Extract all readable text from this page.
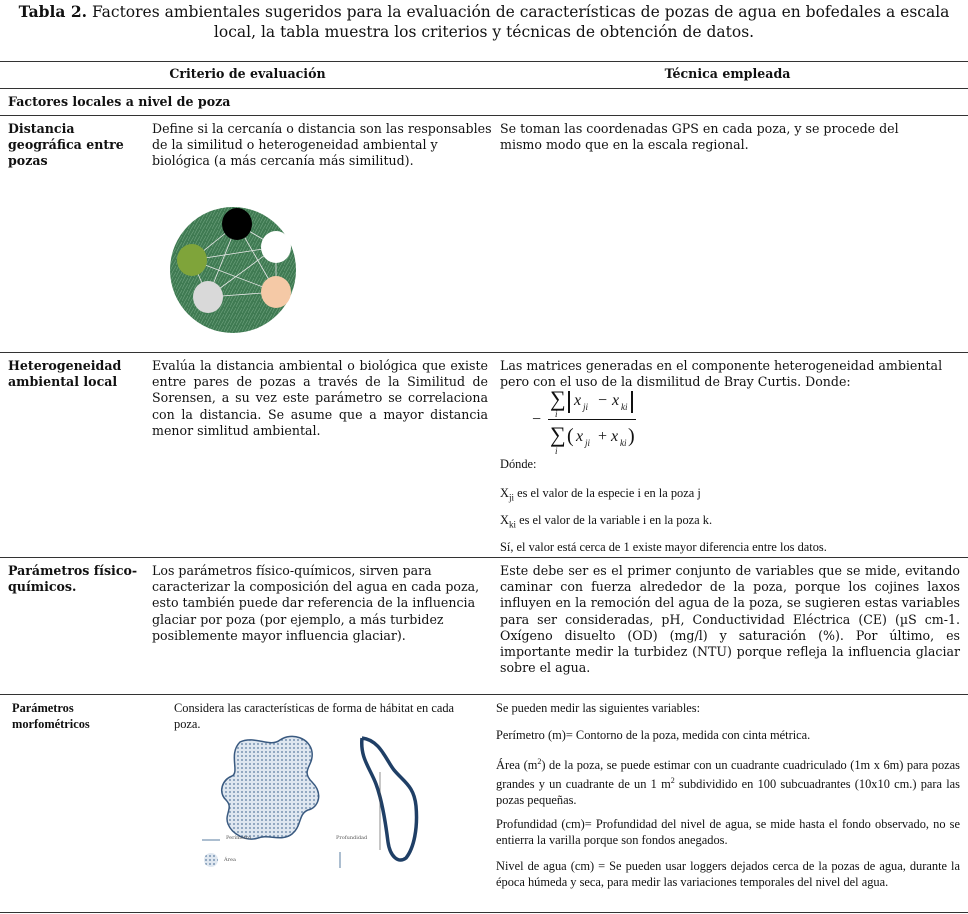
Tabla 2. Factores ambientales sugeridos para la evaluación de características de pozas de agua en bofedales a escala local, la tabla muestra los criterios y técnicas de obtención de datos.
Criterio de evaluación	Técnica empleada
Factores locales a nivel de poza
Distancia geográfica entre pozas
Define si la cercanía o distancia son las responsables de la similitud o heterogeneidad ambiental y biológica (a más cercanía más similitud).
Se toman las coordenadas GPS en cada poza, y se procede del mismo modo que en la escala regional.
Heterogeneidad ambiental local
Evalúa la distancia ambiental o biológica que existe entre pares de pozas a través de la Similitud de Sorensen, a su vez este parámetro se correlaciona con la distancia. Se asume que a mayor distancia menor simlitud ambiental.
Las matrices generadas en el componente heterogeneidad ambiental pero con el uso de la dismilitud de Bray Curtis. Donde:
−
∑
i
x ji − x ki
∑
i
( x ji + x ki )
Dónde:
$X_{ji}$ es el valor de la especie i en la poza j
$X_{ki}$ es el valor de la variable i en la poza k.
Sí, el valor está cerca de 1 existe mayor diferencia entre los datos.
Parámetros físico-químicos.
Los parámetros físico-químicos, sirven para caracterizar la composición del agua en cada poza, esto también puede dar referencia de la influencia glaciar por poza (por ejemplo, a más turbidez posiblemente mayor influencia glaciar).
Este debe ser es el primer conjunto de variables que se mide, evitando caminar con fuerza alrededor de la poza, porque los cojines laxos influyen en la remoción del agua de la poza, se sugieren estas variables para ser consideradas, pH, Conductividad Eléctrica (CE) (µS cm-1. Oxígeno disuelto (OD) (mg/l) y saturación (%). Por último, es importante medir la turbidez (NTU) porque refleja la influencia glaciar sobre el agua.
Parámetros morfométricos
Considera las características de forma de hábitat en cada poza.
Perímetro	Profundidad
Área
Se pueden medir las siguientes variables:
Perímetro (m)= Contorno de la poza, medida con cinta métrica.
Área $(m^2)$ de la poza, se puede estimar con un cuadrante cuadriculado (1m x 6m) para pozas grandes y un cuadrante de un 1 $m^2$ subdividido en 100 subcuadrantes (10x10 cm.) para las pozas pequeñas.
Profundidad (cm)= Profundidad del nivel de agua, se mide hasta el fondo observado, no se entierra la varilla porque son fondos anegados.
Nivel de agua (cm) = Se pueden usar loggers dejados cerca de la pozas de agua, durante la época húmeda y seca, para medir las variaciones temporales del nivel del agua.
